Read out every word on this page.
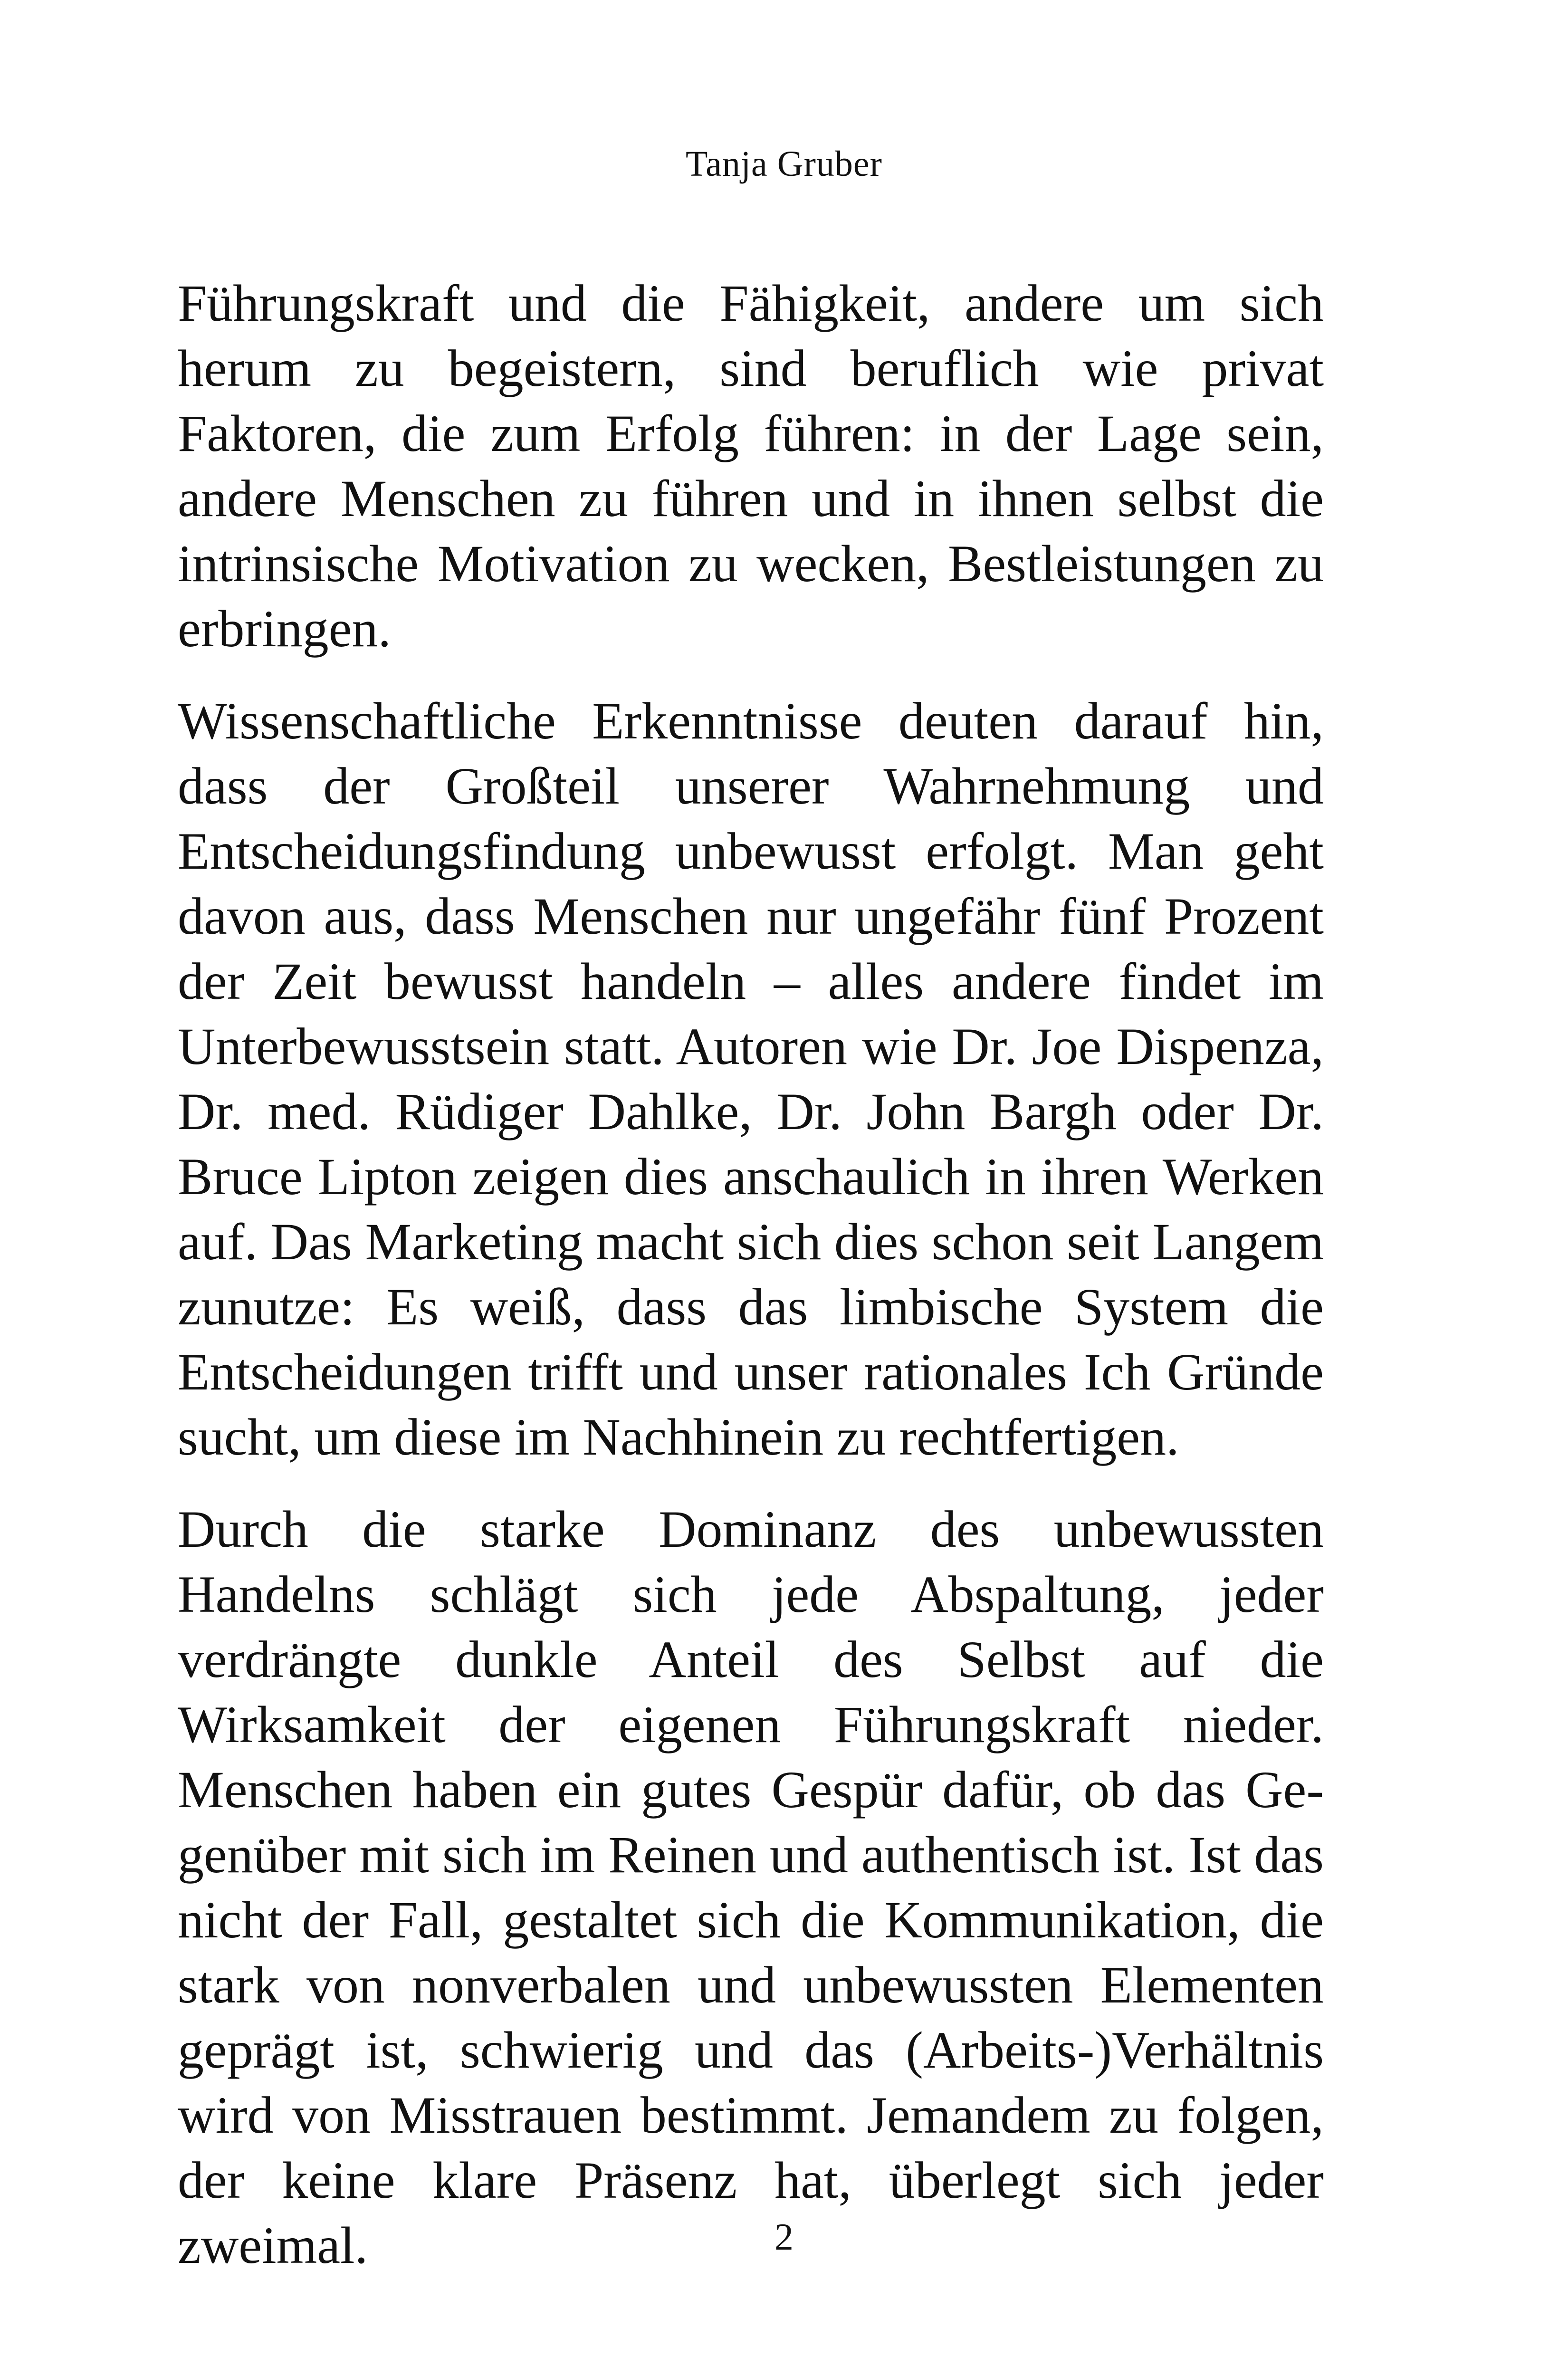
Tanja Gruber

Führungskraft und die Fähigkeit, andere um sich herum zu begeistern, sind beruflich wie privat Faktoren, die zum Erfolg führen: in der Lage sein, andere Menschen zu führen und in ihnen selbst die intrinsische Motivation zu wecken, Bestleistungen zu erbringen.

Wissenschaftliche Erkenntnisse deuten darauf hin, dass der Großteil unserer Wahrnehmung und Entscheidungsfindung unbewusst erfolgt. Man geht davon aus, dass Menschen nur ungefähr fünf Prozent der Zeit bewusst handeln – alles andere findet im Unterbewusstsein statt. Autoren wie Dr. Joe Dispenza, Dr. med. Rüdiger Dahlke, Dr. John Bargh oder Dr. Bruce Lipton zeigen dies anschaulich in ihren Werken auf. Das Marketing macht sich dies schon seit Langem zunutze: Es weiß, dass das limbische System die Entscheidungen trifft und unser rationales Ich Gründe sucht, um diese im Nachhinein zu rechtfertigen.

Durch die starke Dominanz des unbewussten Handelns schlägt sich jede Abspaltung, jeder verdrängte dunkle Anteil des Selbst auf die Wirksamkeit der eigenen Führungskraft nieder. Menschen haben ein gutes Gespür dafür, ob das Gegenüber mit sich im Reinen und authentisch ist. Ist das nicht der Fall, gestaltet sich die Kommunikation, die stark von nonverbalen und unbewussten Elementen geprägt ist, schwierig und das (Arbeits-)Verhältnis wird von Misstrauen bestimmt. Jemandem zu folgen, der keine klare Präsenz hat, überlegt sich jeder zweimal.	2
